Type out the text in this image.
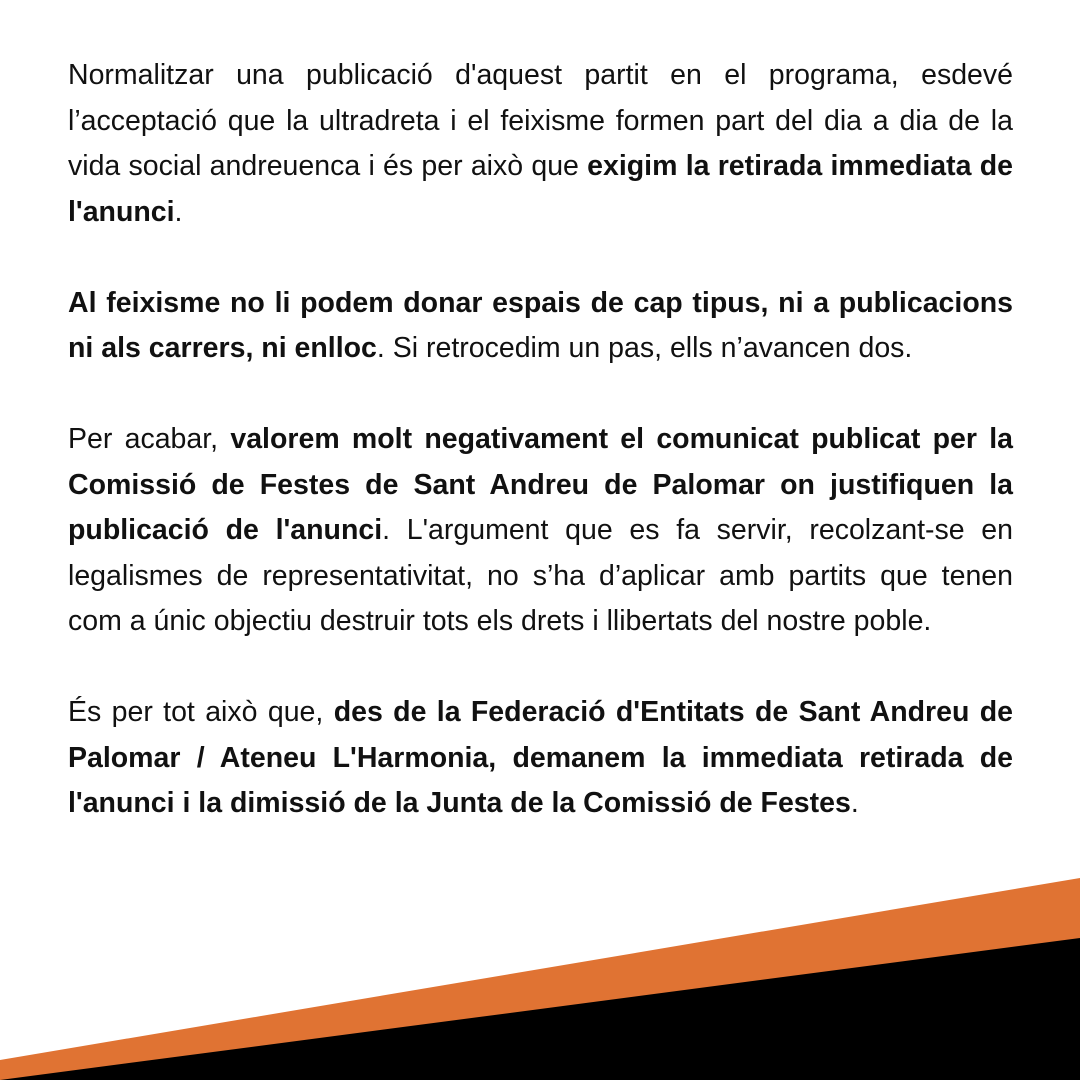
Normalitzar una publicació d'aquest partit en el programa, esdevé l’acceptació que la ultradreta i el feixisme formen part del dia a dia de la vida social andreuenca i és per això que exigim la retirada immediata de l'anunci.

Al feixisme no li podem donar espais de cap tipus, ni a publicacions ni als carrers, ni enlloc. Si retrocedim un pas, ells n’avancen dos.

Per acabar, valorem molt negativament el comunicat publicat per la Comissió de Festes de Sant Andreu de Palomar on justifiquen la publicació de l'anunci. L'argument que es fa servir, recolzant-se en legalismes de representativitat, no s’ha d’aplicar amb partits que tenen com a únic objectiu destruir tots els drets i llibertats del nostre poble.

És per tot això que, des de la Federació d'Entitats de Sant Andreu de Palomar / Ateneu L'Harmonia, demanem la immediata retirada de l'anunci i la dimissió de la Junta de la Comissió de Festes.
